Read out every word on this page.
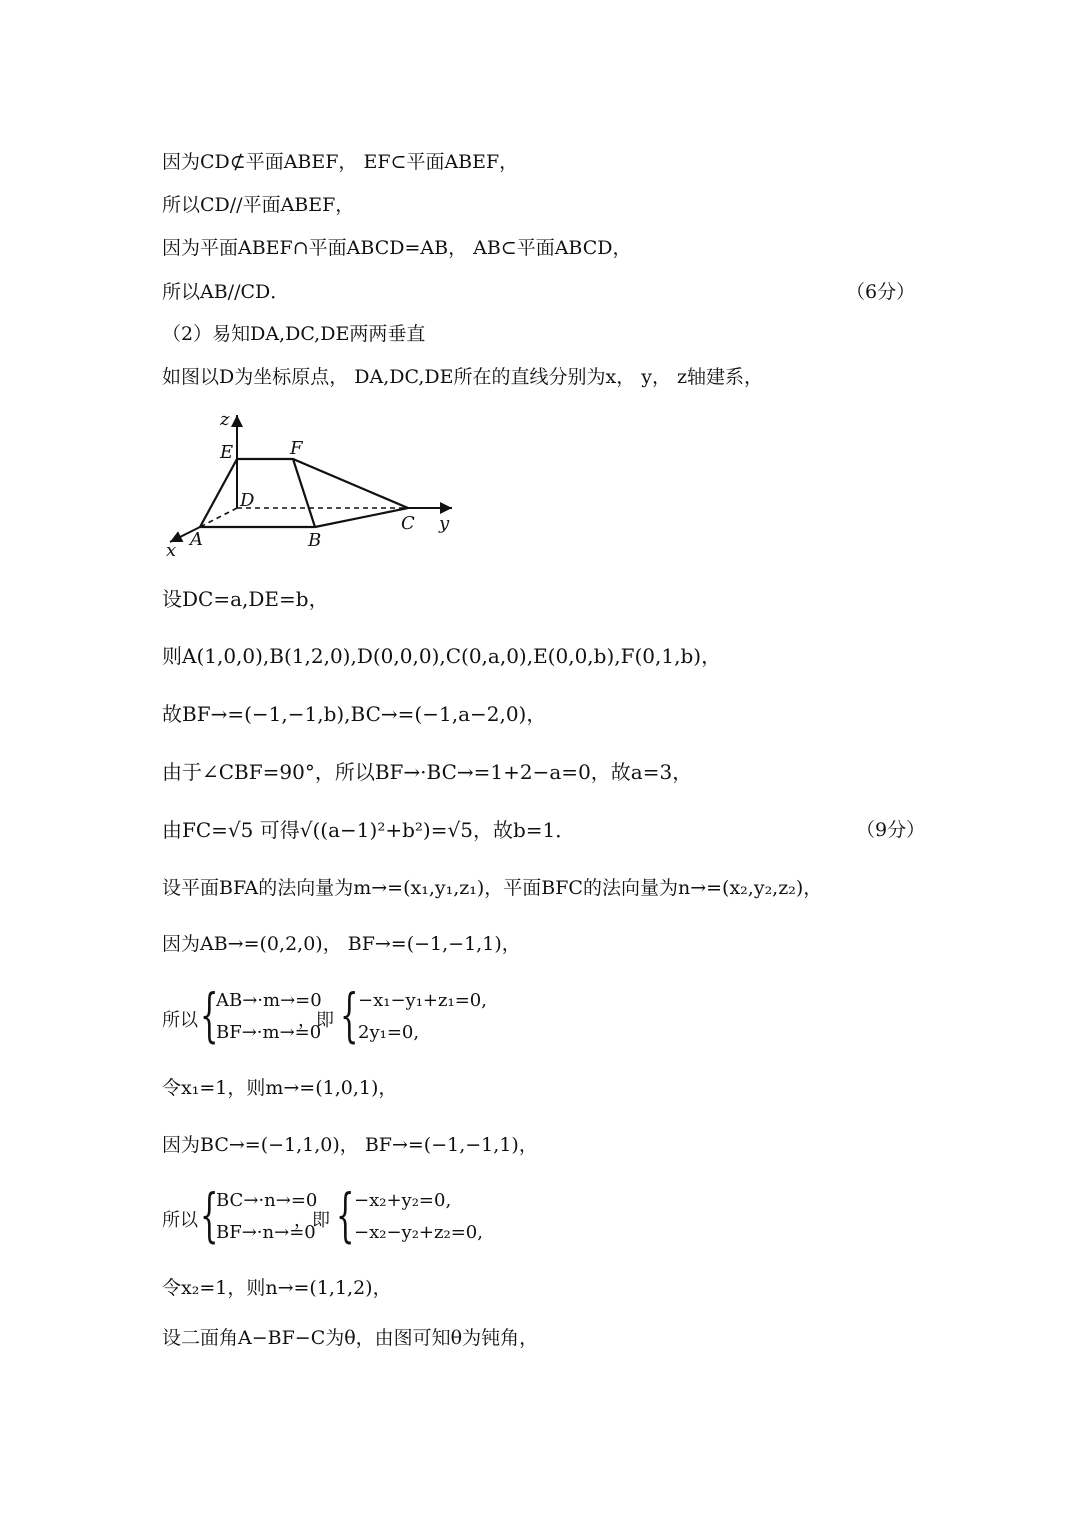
因为CD⊄平面ABEF， EF⊂平面ABEF，
所以CD//平面ABEF，
因为平面ABEF∩平面ABCD=AB， AB⊂平面ABCD，
所以AB//CD．	（6分）
（2）易知DA,DC,DE两两垂直
如图以D为坐标原点， DA,DC,DE所在的直线分别为x， y， z轴建系，
z
E	F
D
A	B
C
x
y
设DC=a,DE=b，
则A(1,0,0),B(1,2,0),D(0,0,0),C(0,a,0),E(0,0,b),F(0,1,b)，
故BF→=(−1,−1,b),BC→=(−1,a−2,0)，
由于∠CBF=90°，所以BF→·BC→=1+2−a=0，故a=3，
由FC=√5 可得√((a−1)²+b²)=√5，故b=1．	（9分）
设平面BFA的法向量为m→=(x₁,y₁,z₁)，平面BFC的法向量为n→=(x₂,y₂,z₂)，
因为AB→=(0,2,0)， BF→=(−1,−1,1)，
所以 {
AB→·m→=0
BF→·m→=0
，即 { −x₁−y₁+z₁=0,
2y₁=0,
令x₁=1，则m→=(1,0,1)，
因为BC→=(−1,1,0)， BF→=(−1,−1,1)，
所以 {
BC→·n→=0
BF→·n→=0
，即 { −x₂+y₂=0,
−x₂−y₂+z₂=0,
令x₂=1，则n→=(1,1,2)，
设二面角A−BF−C为θ，由图可知θ为钝角，
